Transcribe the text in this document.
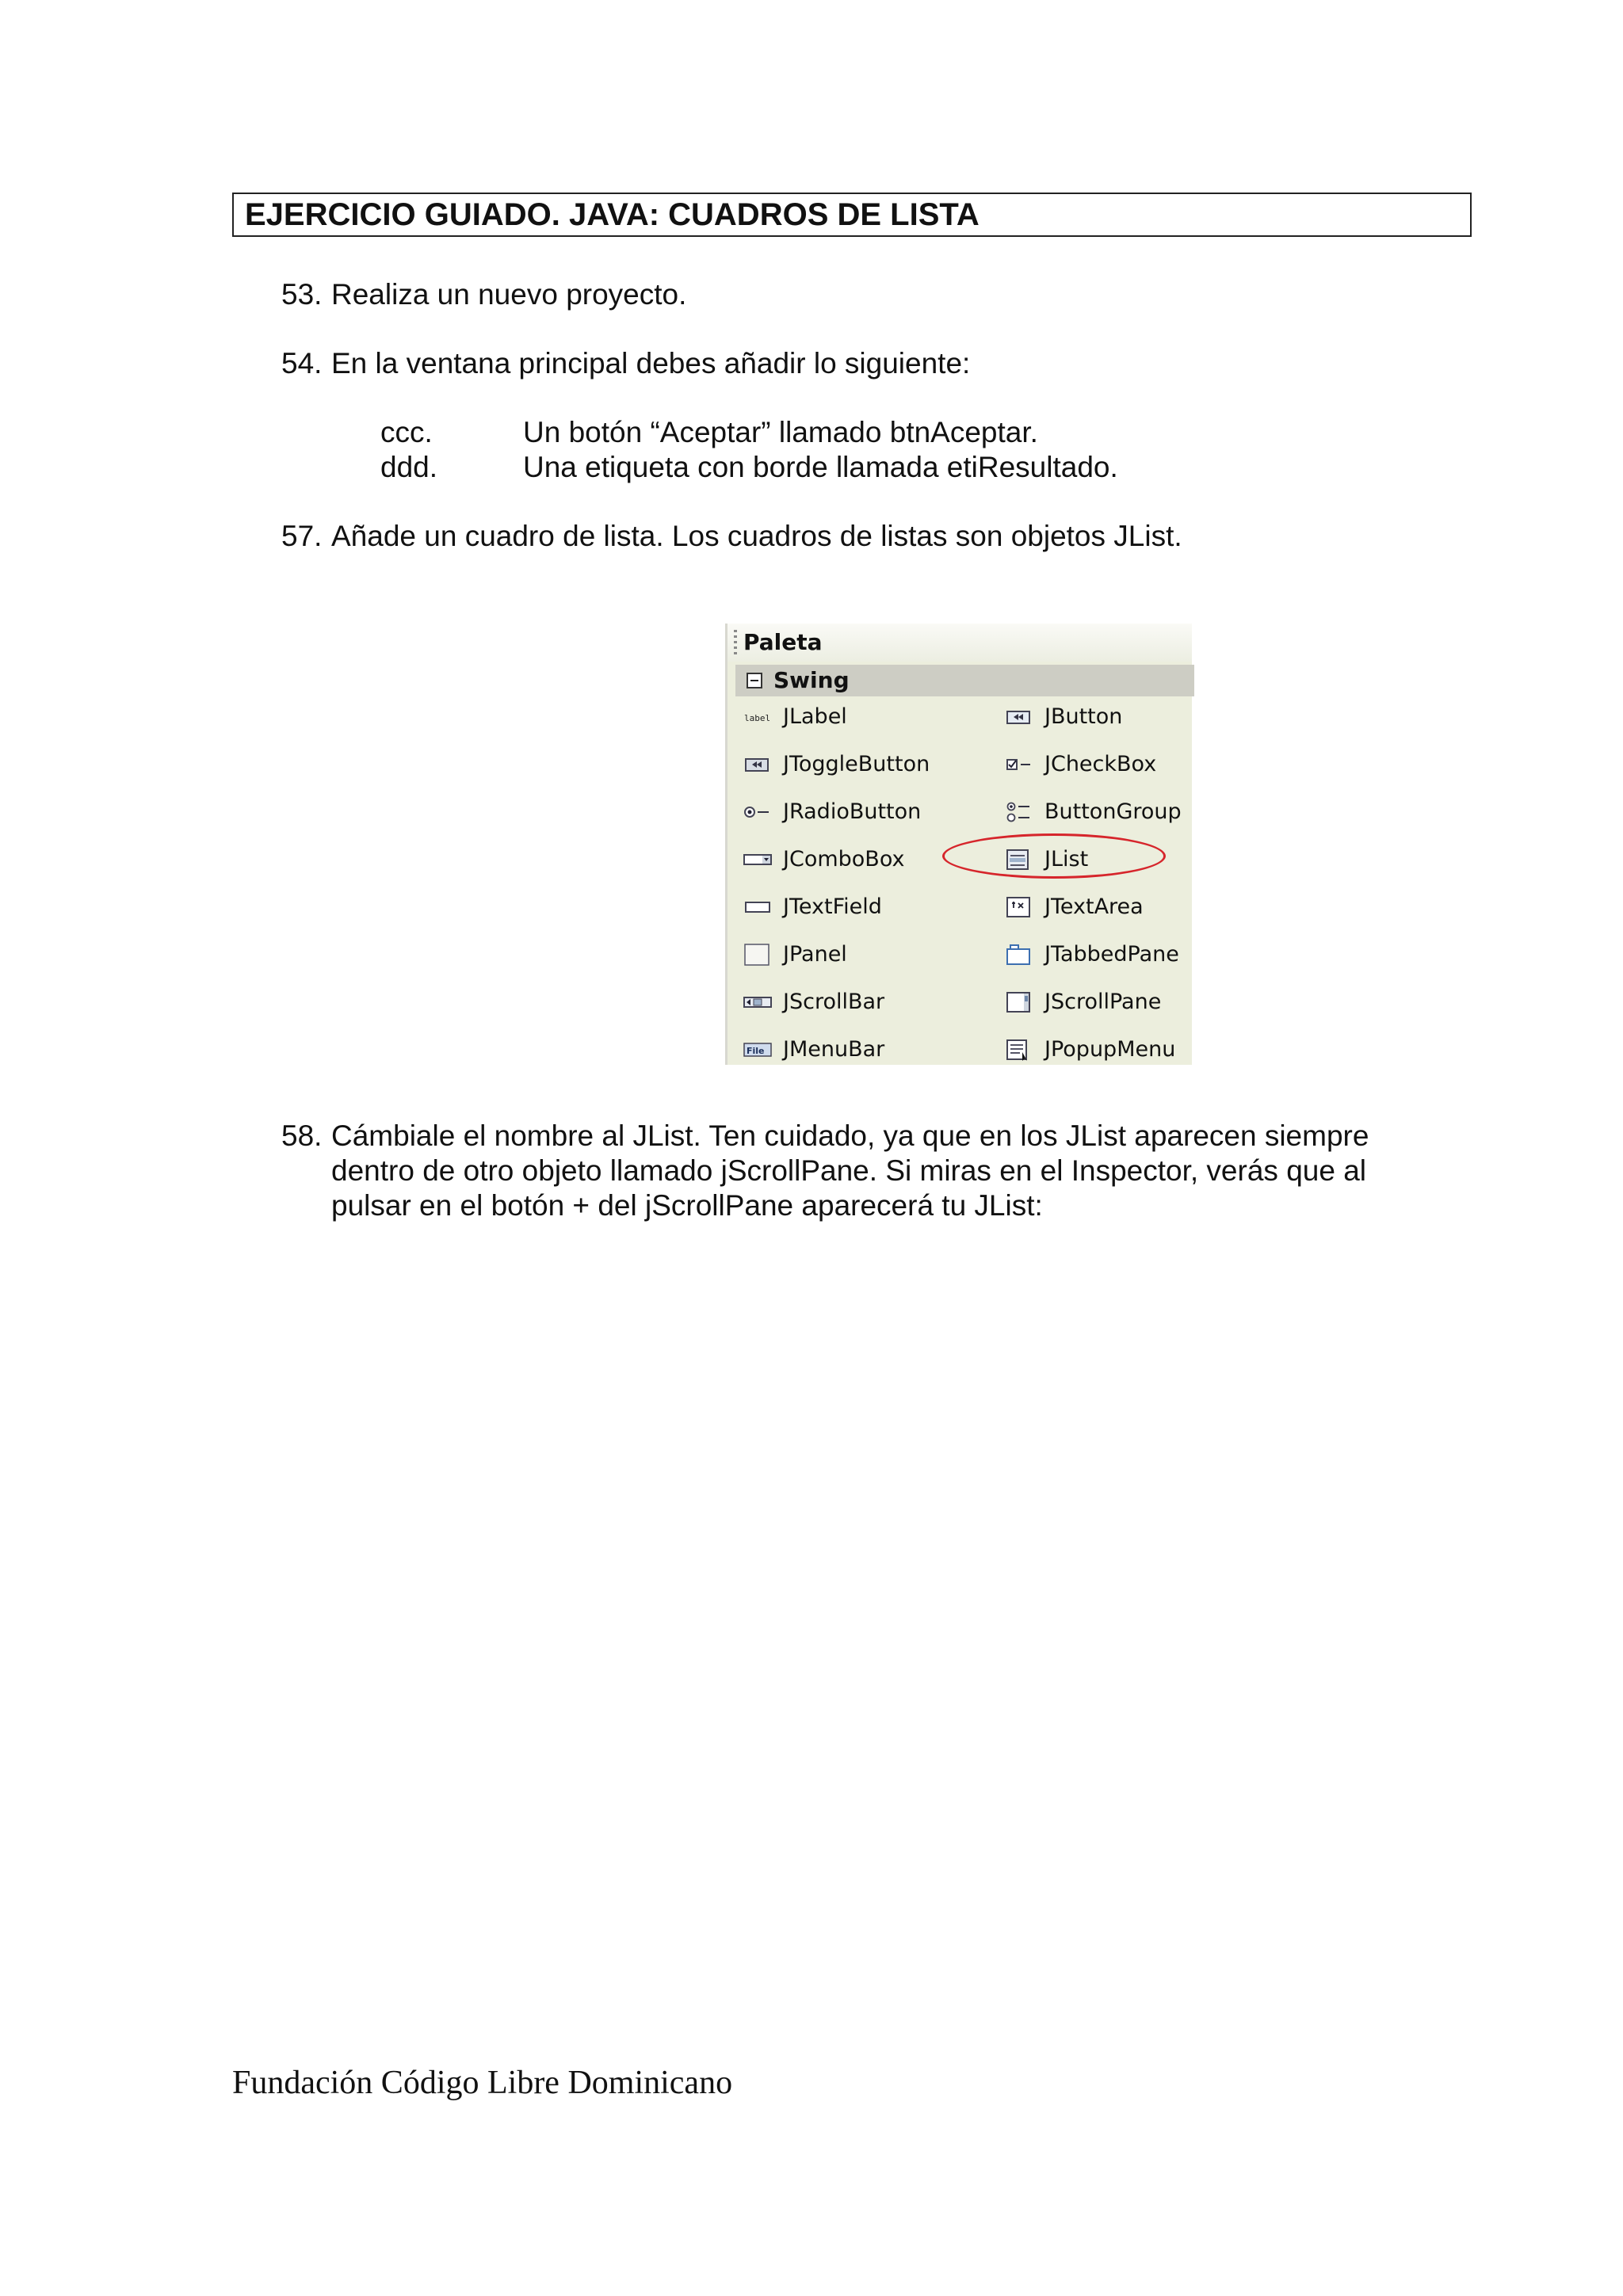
EJERCICIO GUIADO. JAVA: CUADROS DE LISTA
53. Realiza un nuevo proyecto.
54. En la ventana principal debes añadir lo siguiente:
ccc.	Un botón “Aceptar” llamado btnAceptar.
ddd.	Una etiqueta con borde llamada etiResultado.
57. Añade un cuadro de lista. Los cuadros de listas son objetos JList.
Paleta
Swing
label JLabel	JButton
JToggleButton	JCheckBox
JRadioButton	ButtonGroup
JComboBox	JList
JTextField	JTextArea
JPanel	JTabbedPane
JScrollBar	JScrollPane
File JMenuBar	JPopupMenu
58. Cámbiale el nombre al JList. Ten cuidado, ya que en los JList aparecen siempre
dentro de otro objeto llamado jScrollPane. Si miras en el Inspector, verás que al
pulsar en el botón + del jScrollPane aparecerá tu JList:
Fundación Código Libre Dominicano
